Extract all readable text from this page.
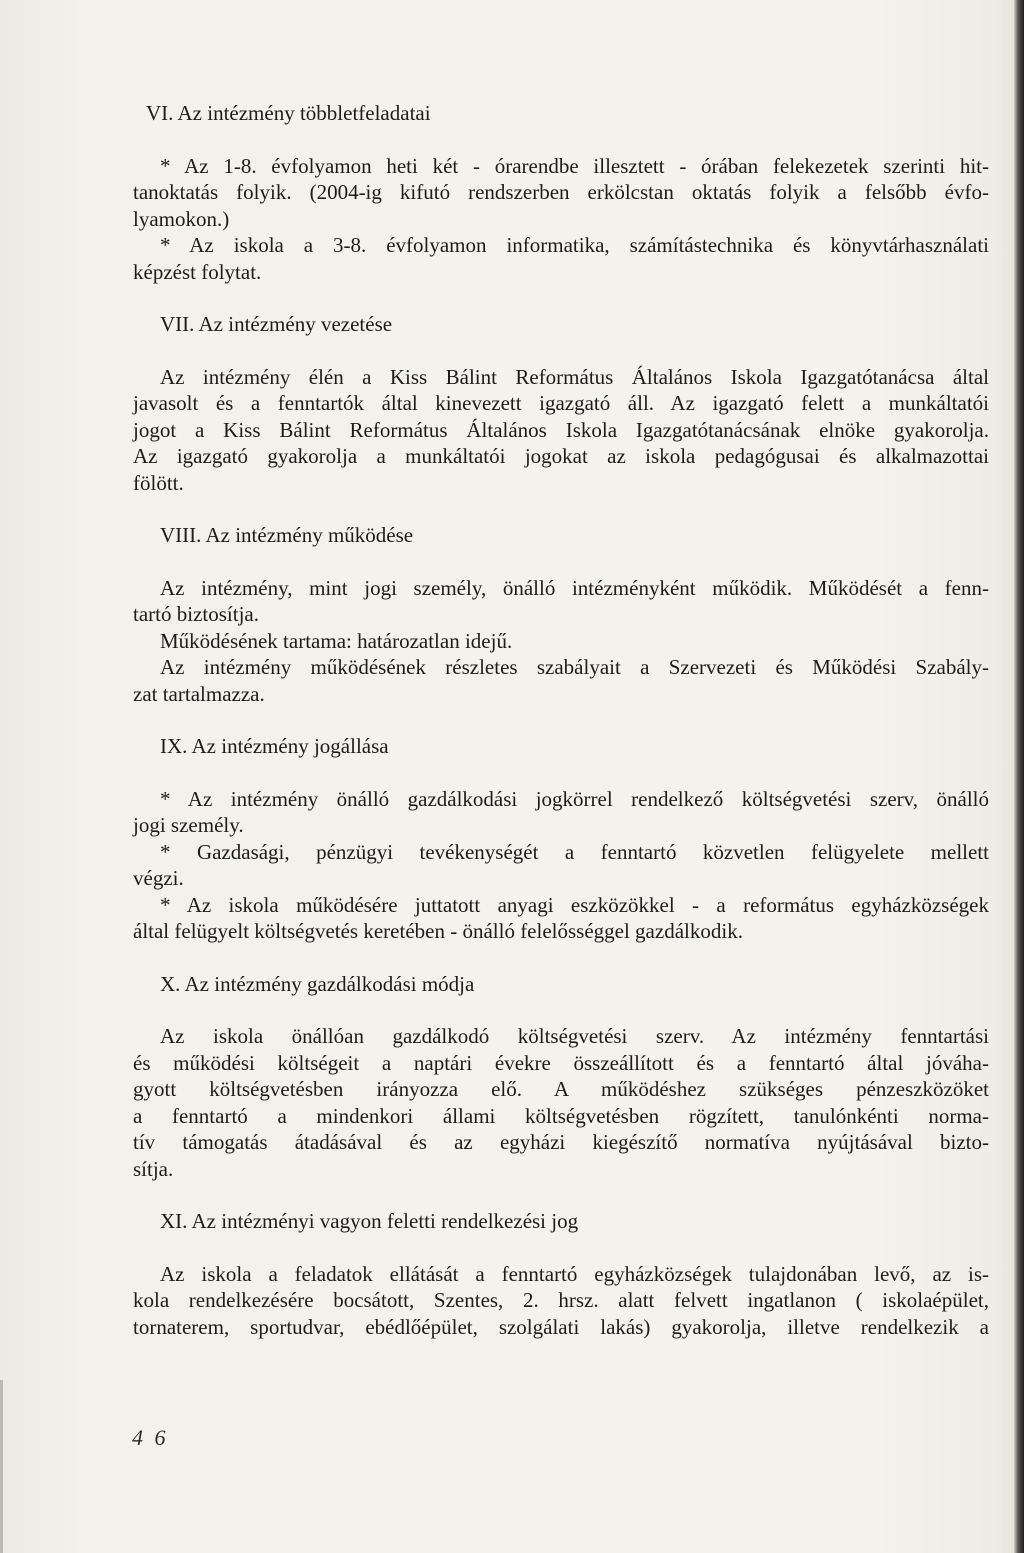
VI. Az intézmény többletfeladatai
* Az 1-8. évfolyamon heti két - órarendbe illesztett - órában felekezetek szerinti hit-
tanoktatás folyik. (2004-ig kifutó rendszerben erkölcstan oktatás folyik a felsőbb évfo-
lyamokon.)
* Az iskola a 3-8. évfolyamon informatika, számítástechnika és könyvtárhasználati
képzést folytat.
VII. Az intézmény vezetése
Az intézmény élén a Kiss Bálint Református Általános Iskola Igazgatótanácsa által
javasolt és a fenntartók által kinevezett igazgató áll. Az igazgató felett a munkáltatói
jogot a Kiss Bálint Református Általános Iskola Igazgatótanácsának elnöke gyakorolja.
Az igazgató gyakorolja a munkáltatói jogokat az iskola pedagógusai és alkalmazottai
fölött.
VIII. Az intézmény működése
Az intézmény, mint jogi személy, önálló intézményként működik. Működését a fenn-
tartó biztosítja.
Működésének tartama: határozatlan idejű.
Az intézmény működésének részletes szabályait a Szervezeti és Működési Szabály-
zat tartalmazza.
IX. Az intézmény jogállása
* Az intézmény önálló gazdálkodási jogkörrel rendelkező költségvetési szerv, önálló
jogi személy.
* Gazdasági, pénzügyi tevékenységét a fenntartó közvetlen felügyelete mellett
végzi.
* Az iskola működésére juttatott anyagi eszközökkel - a református egyházközségek
által felügyelt költségvetés keretében - önálló felelősséggel gazdálkodik.
X. Az intézmény gazdálkodási módja
Az iskola önállóan gazdálkodó költségvetési szerv. Az intézmény fenntartási
és működési költségeit a naptári évekre összeállított és a fenntartó által jóváha-
gyott költségvetésben irányozza elő. A működéshez szükséges pénzeszközöket
a fenntartó a mindenkori állami költségvetésben rögzített, tanulónkénti norma-
tív támogatás átadásával és az egyházi kiegészítő normatíva nyújtásával bizto-
sítja.
XI. Az intézményi vagyon feletti rendelkezési jog
Az iskola a feladatok ellátását a fenntartó egyházközségek tulajdonában levő, az is-
kola rendelkezésére bocsátott, Szentes, 2. hrsz. alatt felvett ingatlanon ( iskolaépület,
tornaterem, sportudvar, ebédlőépület, szolgálati lakás) gyakorolja, illetve rendelkezik a
4 6
